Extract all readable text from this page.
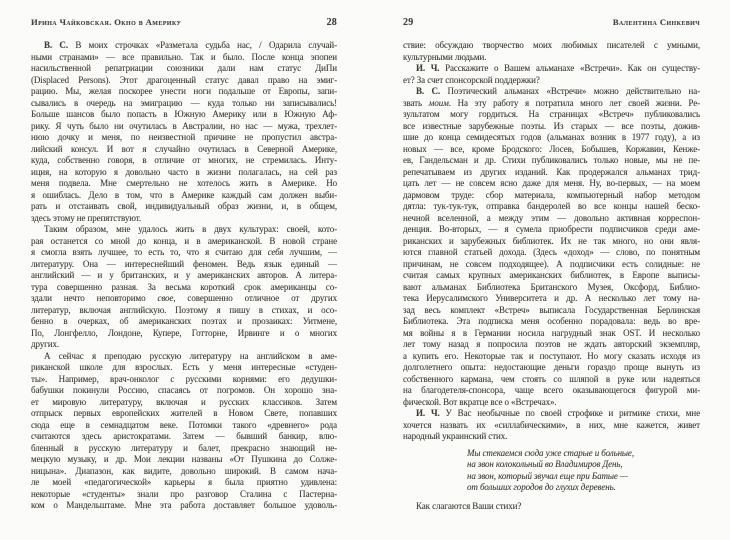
Ирина Чайковская. Окно в Америку	28
В. С. В моих строчках «Разметала судьба нас, / Одарила случай-
ными странами» — все правильно. Так и было. После конца эпопеи
насильственной репатриации союзники дали нам статус ДиПи
(Displaced Persons). Этот драгоценный статус давал право на эмиг-
рацию. Мы, желая поскорее унести ноги подальше от Европы, запи-
сывались в очередь на эмиграцию — куда только ни записывались!
Больше шансов было попасть в Южную Америку или в Южную Аф-
рику. Я чуть было ни очутилась в Австралии, но нас — мужа, трехлет-
нюю дочку и меня, по неизвестной причине не пропустил австра-
лийский консул. И вот я случайно очутилась в Северной Америке,
куда, собственно говоря, в отличие от многих, не стремилась. Инту-
иция, на которую я довольно часто в жизни полагалась, на сей раз
меня подвела. Мне смертельно не хотелось жить в Америке. Но
я ошиблась. Дело в том, что в Америке каждый сам должен выби-
рать и отстаивать свой, индивидуальный образ жизни, и, в общем,
здесь этому не препятствуют.
Таким образом, мне удалось жить в двух культурах: своей, кото-
рая останется со мной до конца, и в американской. В новой стране
я смогла взять лучшее, то есть то, что я считаю для себя лучшим, —
литературу. Она — интереснейший феномен. Ведь язык единый —
английский — и у британских, и у американских авторов. А литера-
тура совершенно разная. За весьма короткий срок американцы со-
здали нечто неповторимо свое, совершенно отличное от других
литератур, включая английскую. Поэтому я пишу в стихах, и осо-
бенно в очерках, об американских поэтах и прозаиках: Уитмене,
По, Лонгфелло, Лондоне, Купере, Готторне, Ирвинге и о многих
других.
А сейчас я преподаю русскую литературу на английском в аме-
риканской школе для взрослых. Есть у меня интересные «студен-
ты». Например, врач-онколог с русскими корнями: его дедушки-
бабушки покинули Россию, спасаясь от погромов. Он хорошо зна-
ет мировую литературу, включая и русских классиков. Затем
отпрыск первых европейских жителей в Новом Свете, попавших
сюда еще в семнадцатом веке. Потомки такого «древнего» рода
считаются здесь аристократами. Затем — бывший банкир, влю-
бленный в русскую литературу и балет, прекрасно знающий не-
мецкую музыку, и др. Мои лекции названы «От Пушкина до Солже-
ницына». Диапазон, как видите, довольно широкий. В самом нача-
ле моей «педагогической» карьеры я была приятно удивлена:
некоторые «студенты» знали про разговор Сталина с Пастерна-
ком о Мандельштаме. Мне эта работа доставляет большое удоволь-
29	Валентина Синкевич
ствие: обсуждаю творчество моих любимых писателей с умными,
культурными людьми.
И. Ч. Расскажите о Вашем альманахе «Встречи». Как он существу-
ет? За счет спонсорской поддержки?
В. С. Поэтический альманах «Встречи» можно действительно на-
звать моим. На эту работу я потратила много лет своей жизни. Ре-
зультатом могу гордиться. На страницах «Встреч» публиковались
все известные зарубежные поэты. Из старых — все поэты, дожив-
шие до конца семидесятых годов (альманах возник в 1977 году), а из
новых — все, кроме Бродского: Лосев, Бобышев, Коржавин, Кенже-
ев, Гандельсман и др. Стихи публиковались только новые, мы не пе-
репечатываем из других изданий. Как продержался альманах трид-
цать лет — не совсем ясно даже для меня. Ну, во-первых, — на моем
дармовом труде: сбор материала, компьютерный набор методом
дятла: тук-тук-тук, отправка бандеролей во все концы нашей беско-
нечной вселенной, а между этим — довольно активная корреспон-
денция. Во-вторых, — я сумела приобрести подписчиков среди аме-
риканских и зарубежных библиотек. Их не так много, но они явля-
ются главной статьей дохода. (Здесь «доход» — слово, по понятным
причинам, не совсем подходящее). А подписчики есть солидные: не
считая самых крупных американских библиотек, в Европе выписы-
вают альманах Библиотека Британского Музея, Оксфорд, Библио-
тека Иерусалимского Университета и др. А несколько лет тому на-
зад весь комплект «Встреч» выписала Государственная Берлинская
Библиотека. Эта подписка меня особенно порадовала: ведь во вре-
мя войны я в Германии носила нагрудный знак OST. И несколько
лет тому назад я попросила поэтов не ждать авторский экземпляр,
а купить его. Некоторые так и поступают. Но могу сказать исходя из
долголетнего опыта: недостающие деньги гораздо проще вынуть из
собственного кармана, чем стоять со шляпой в руке или надеяться
на благодетеля-спонсора, чаще всего оказывающегося фигурой ми-
фической. Вот вкратце все о «Встречах».
И. Ч. У Вас необычные по своей строфике и ритмике стихи, мне
хочется назвать их «силлабическими», в них, мне кажется, живет
народный украинский стих.
Мы стекаемся сюда уже старые и больные,
на звон колокольный во Владимиров День,
на звон, который звучал еще при Батые —
от больших городов до глухих деревень.
Как слагаются Ваши стихи?
